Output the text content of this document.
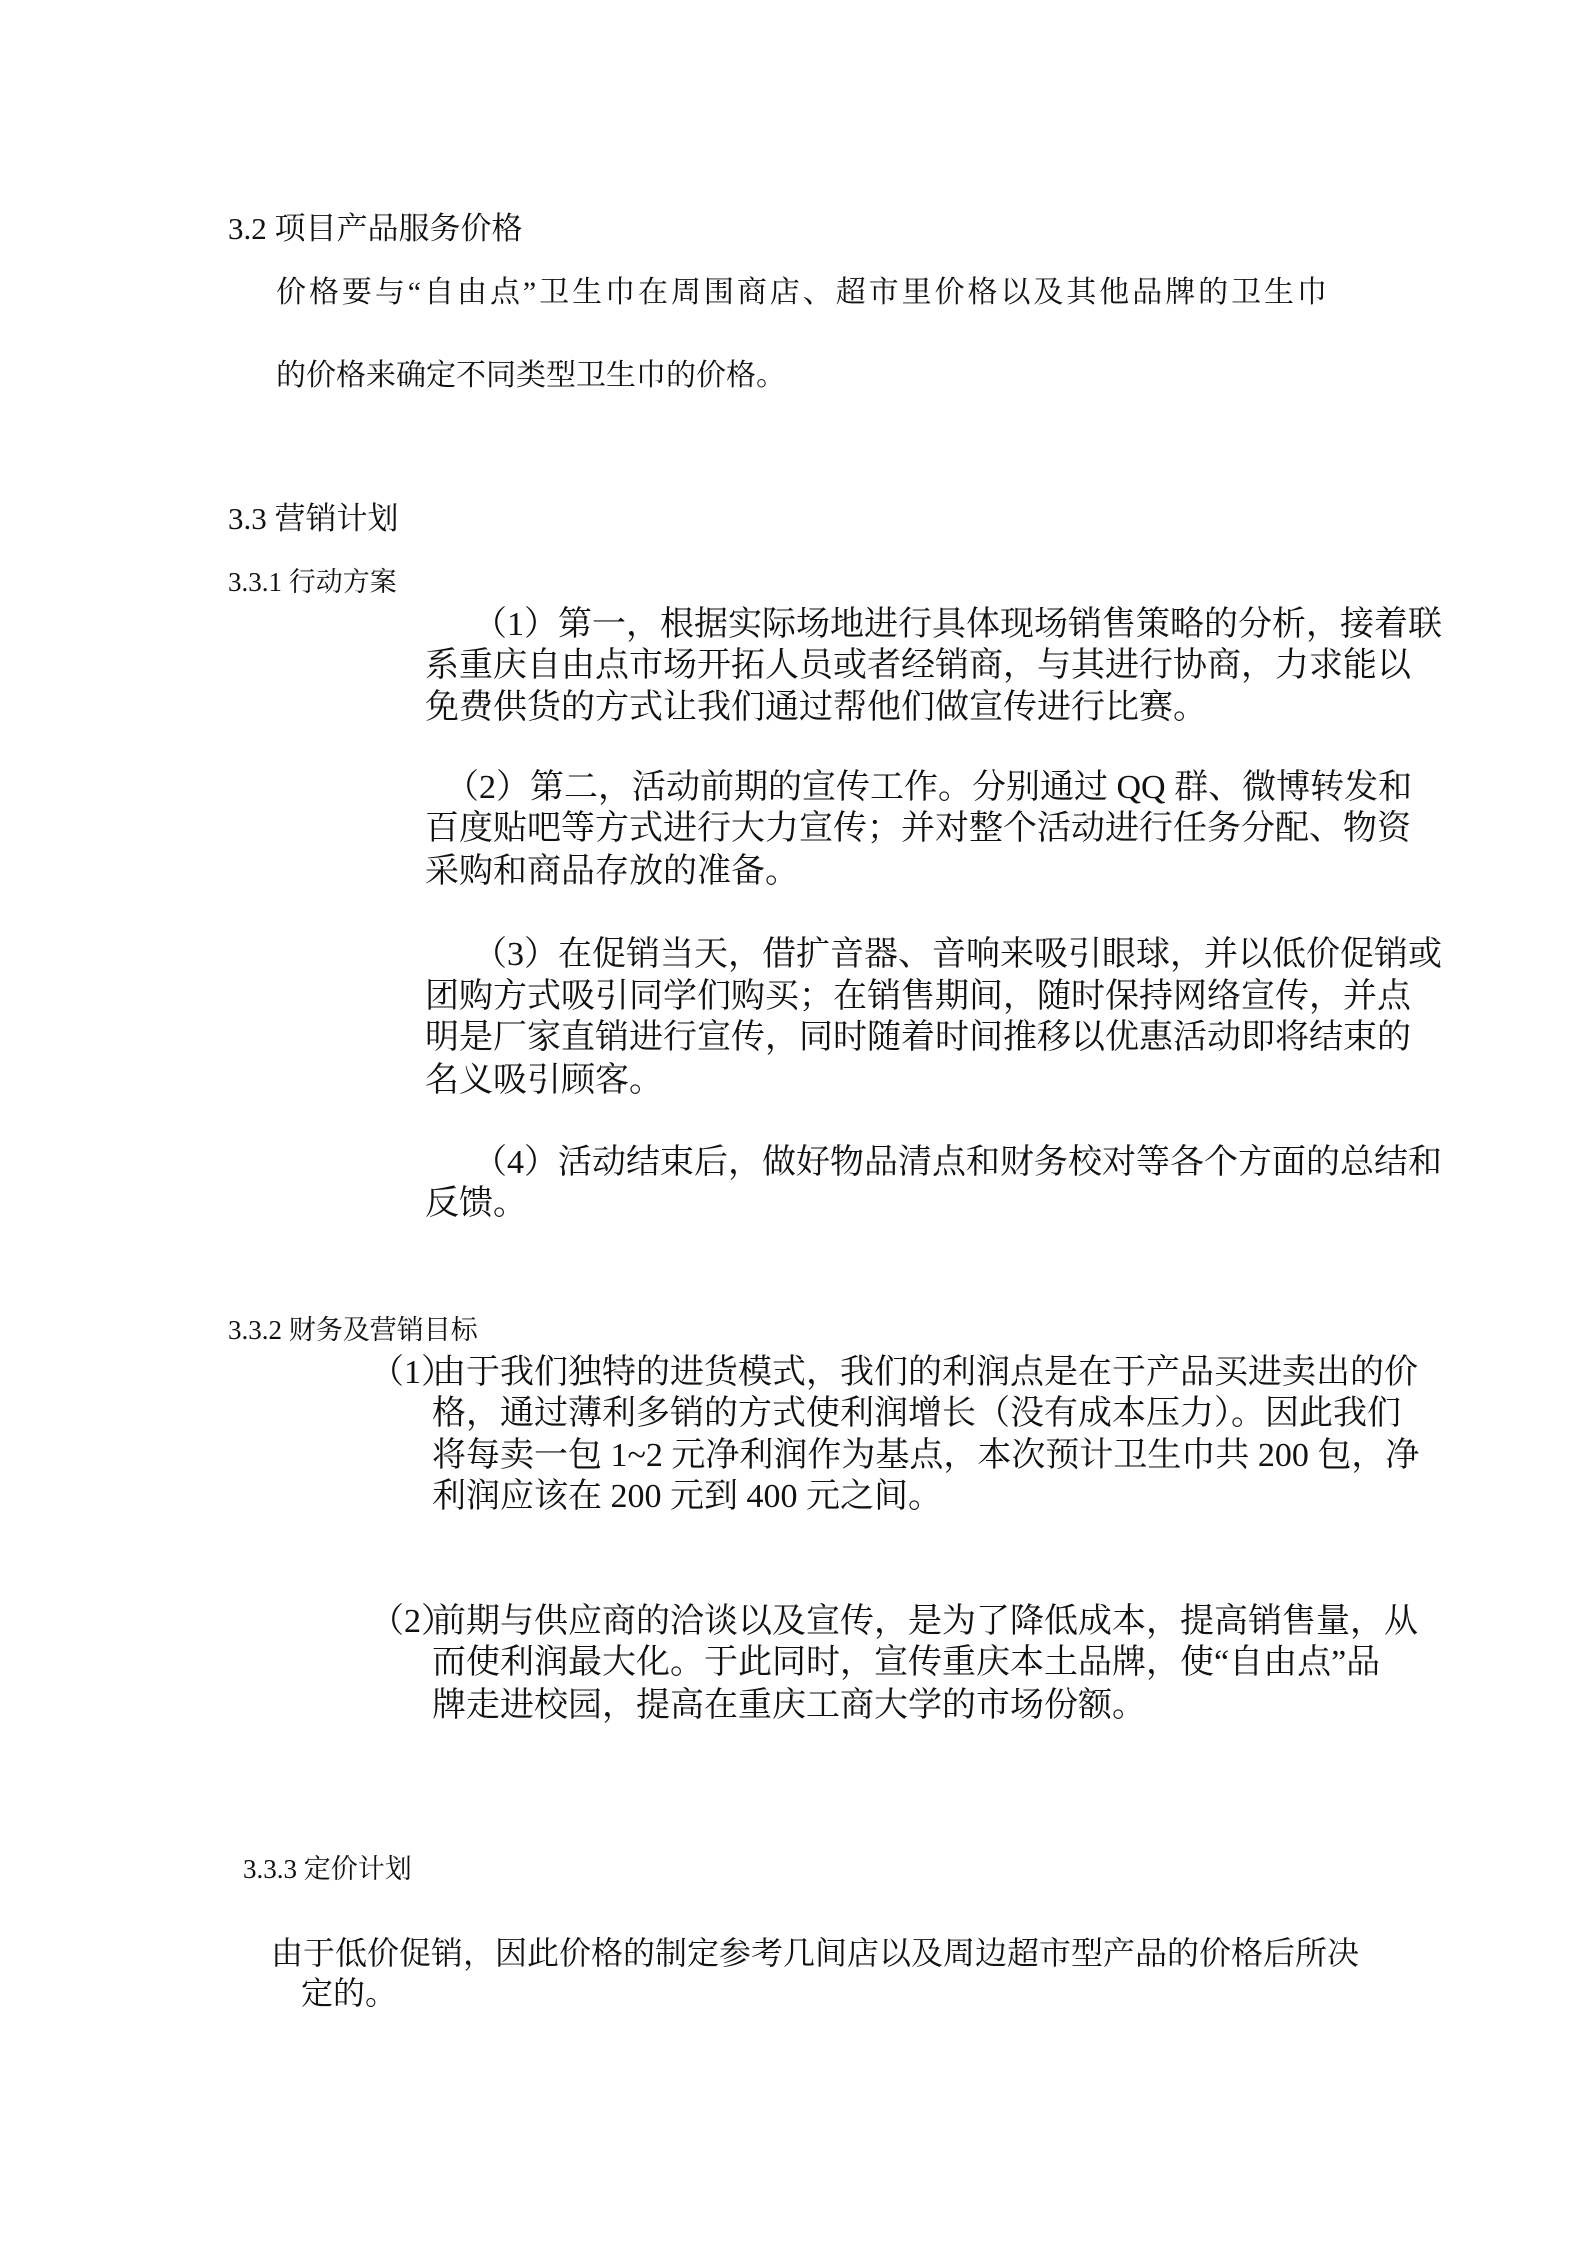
3.2 项目产品服务价格
价格要与“自由点”卫生巾在周围商店、超市里价格以及其他品牌的卫生巾
的价格来确定不同类型卫生巾的价格。
3.3 营销计划
3.3.1 行动方案
（1）第一，根据实际场地进行具体现场销售策略的分析，接着联
系重庆自由点市场开拓人员或者经销商，与其进行协商，力求能以
免费供货的方式让我们通过帮他们做宣传进行比赛。
（2）第二，活动前期的宣传工作。分别通过 QQ 群、微博转发和
百度贴吧等方式进行大力宣传；并对整个活动进行任务分配、物资
采购和商品存放的准备。
（3）在促销当天，借扩音器、音响来吸引眼球，并以低价促销或
团购方式吸引同学们购买；在销售期间，随时保持网络宣传，并点
明是厂家直销进行宣传，同时随着时间推移以优惠活动即将结束的
名义吸引顾客。
（4）活动结束后，做好物品清点和财务校对等各个方面的总结和
反馈。
3.3.2 财务及营销目标
（1）
由于我们独特的进货模式，我们的利润点是在于产品买进卖出的价
格，通过薄利多销的方式使利润增长（没有成本压力）。因此我们
将每卖一包 1~2 元净利润作为基点，本次预计卫生巾共 200 包，净
利润应该在 200 元到 400 元之间。
（2）
前期与供应商的洽谈以及宣传，是为了降低成本，提高销售量，从
而使利润最大化。于此同时，宣传重庆本土品牌，使“自由点”品
牌走进校园，提高在重庆工商大学的市场份额。
3.3.3 定价计划
由于低价促销，因此价格的制定参考几间店以及周边超市型产品的价格后所决
定的。
